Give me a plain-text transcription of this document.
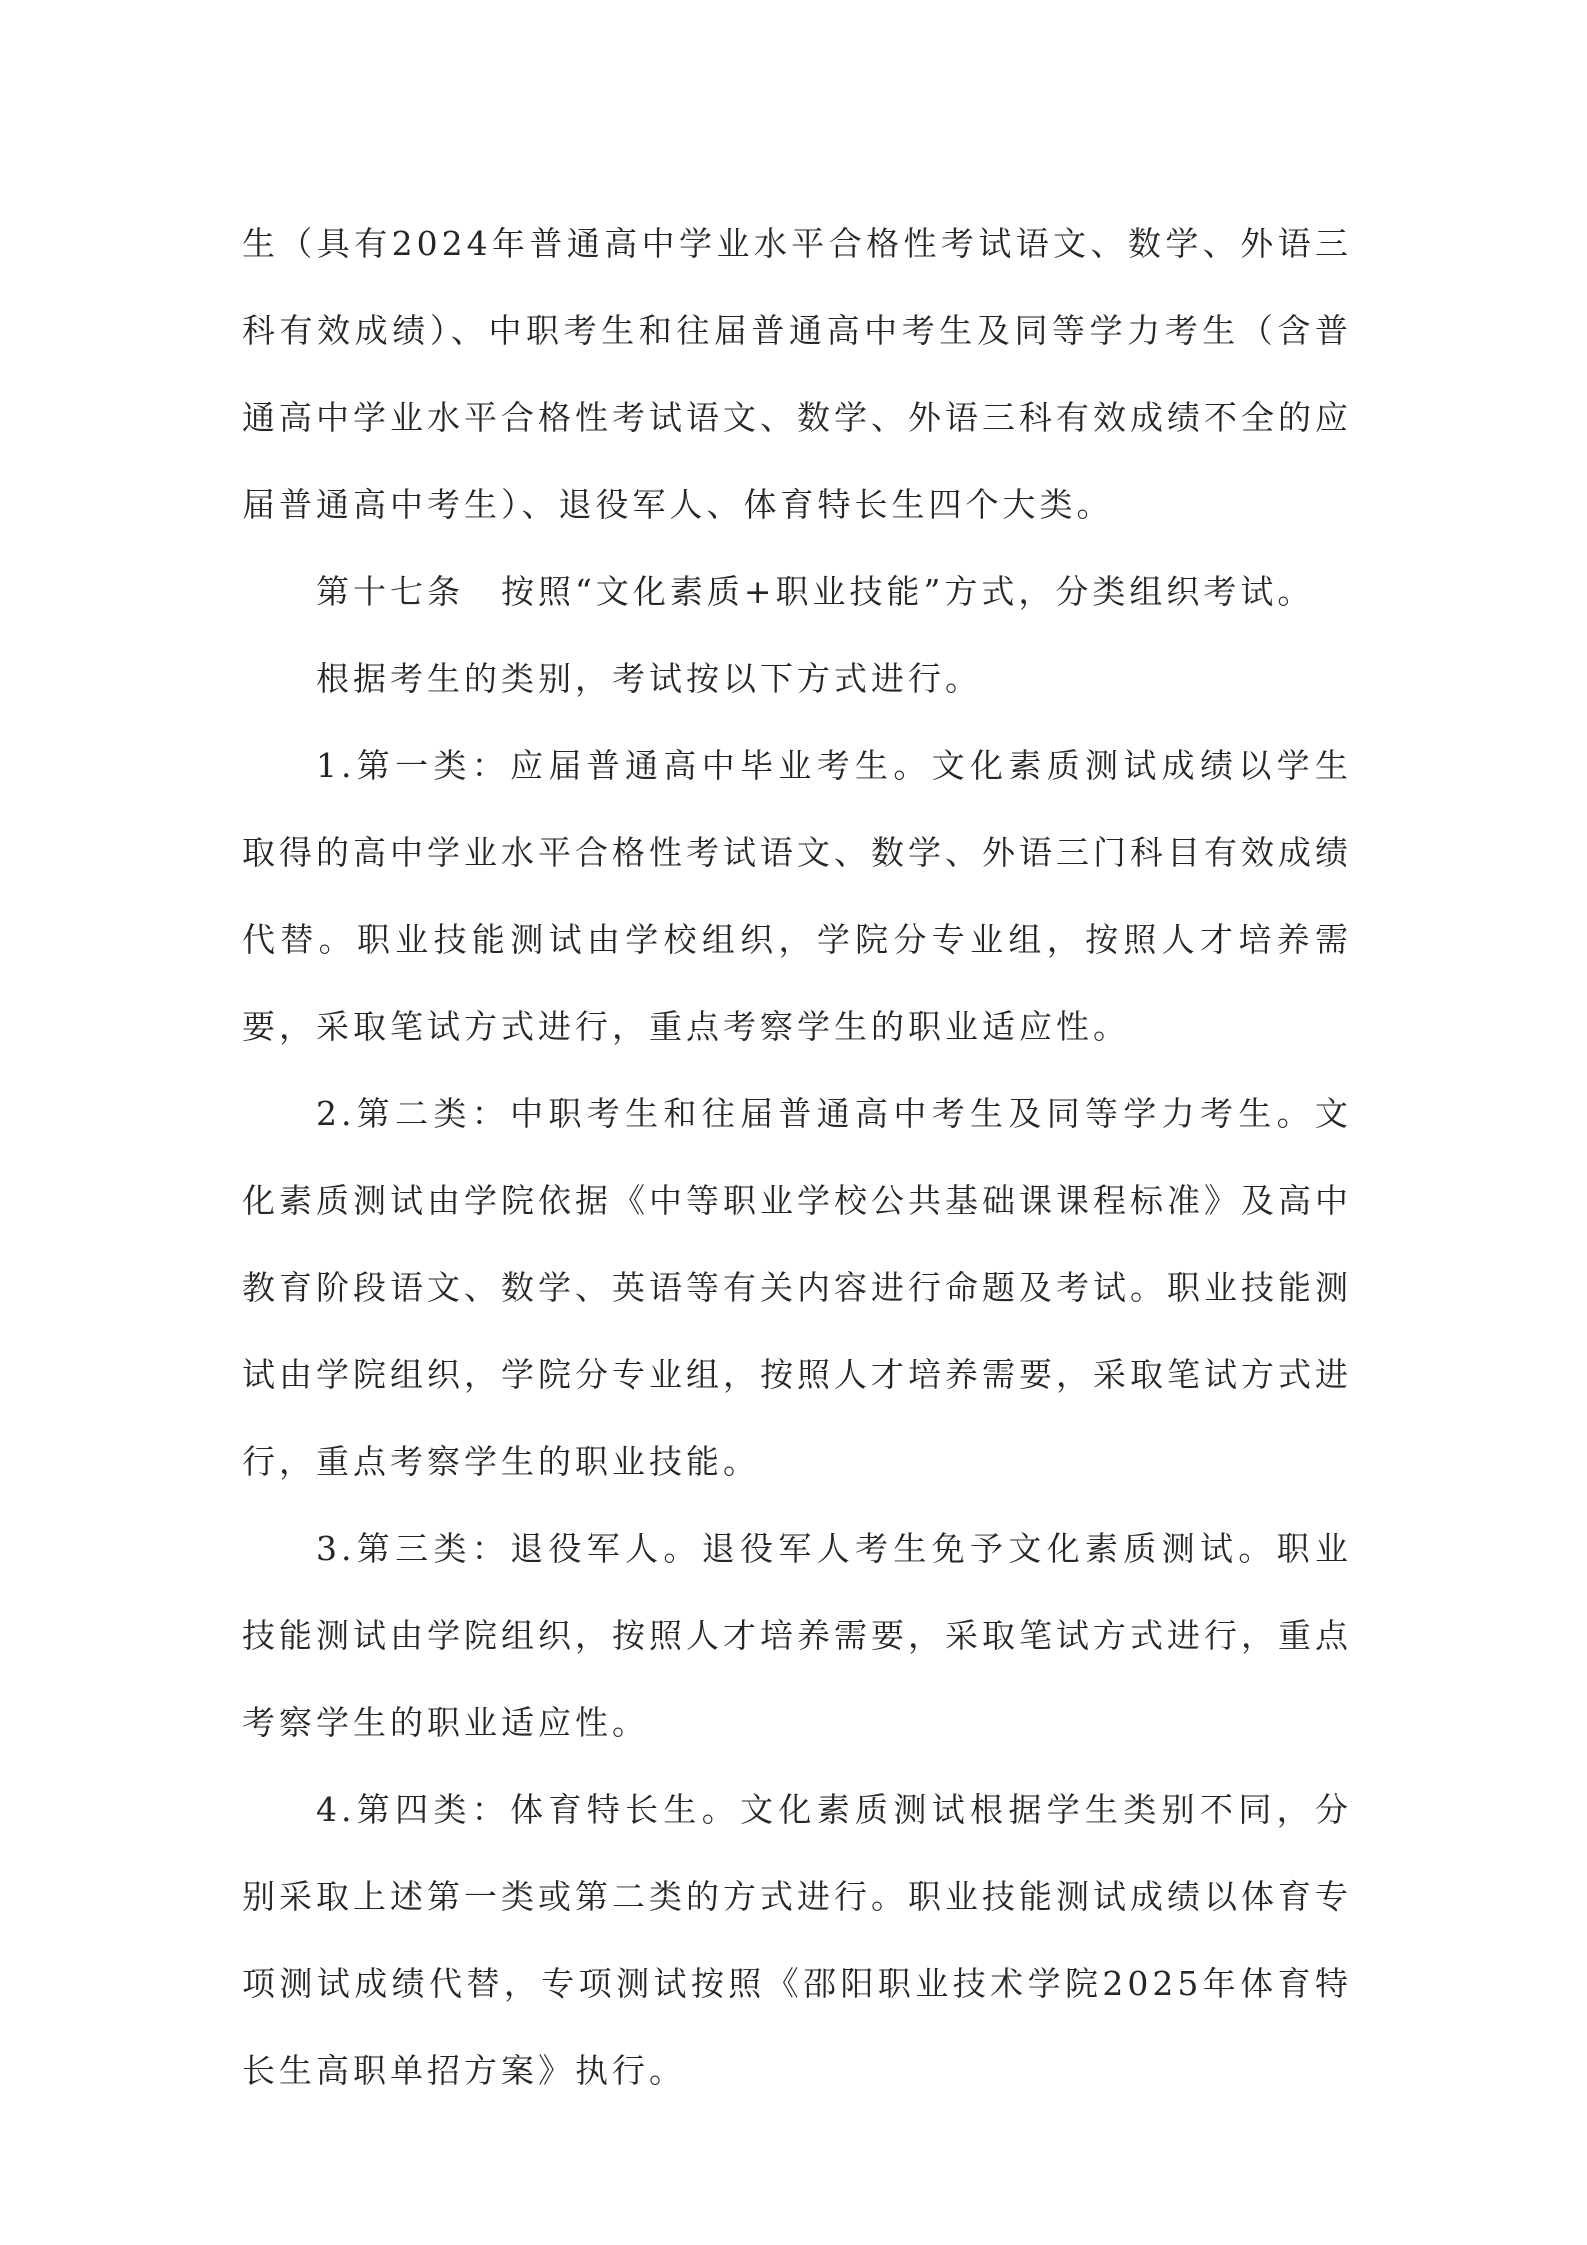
生（具有2024年普通高中学业水平合格性考试语文、数学、外语三科有效成绩）、中职考生和往届普通高中考生及同等学力考生（含普通高中学业水平合格性考试语文、数学、外语三科有效成绩不全的应届普通高中考生）、退役军人、体育特长生四个大类。

第十七条　按照“文化素质+职业技能”方式，分类组织考试。

根据考生的类别，考试按以下方式进行。

1.第一类：应届普通高中毕业考生。文化素质测试成绩以学生取得的高中学业水平合格性考试语文、数学、外语三门科目有效成绩代替。职业技能测试由学校组织，学院分专业组，按照人才培养需要，采取笔试方式进行，重点考察学生的职业适应性。

2.第二类：中职考生和往届普通高中考生及同等学力考生。文化素质测试由学院依据《中等职业学校公共基础课课程标准》及高中教育阶段语文、数学、英语等有关内容进行命题及考试。职业技能测试由学院组织，学院分专业组，按照人才培养需要，采取笔试方式进行，重点考察学生的职业技能。

3.第三类：退役军人。退役军人考生免予文化素质测试。职业技能测试由学院组织，按照人才培养需要，采取笔试方式进行，重点考察学生的职业适应性。

4.第四类：体育特长生。文化素质测试根据学生类别不同，分别采取上述第一类或第二类的方式进行。职业技能测试成绩以体育专项测试成绩代替，专项测试按照《邵阳职业技术学院2025年体育特长生高职单招方案》执行。
